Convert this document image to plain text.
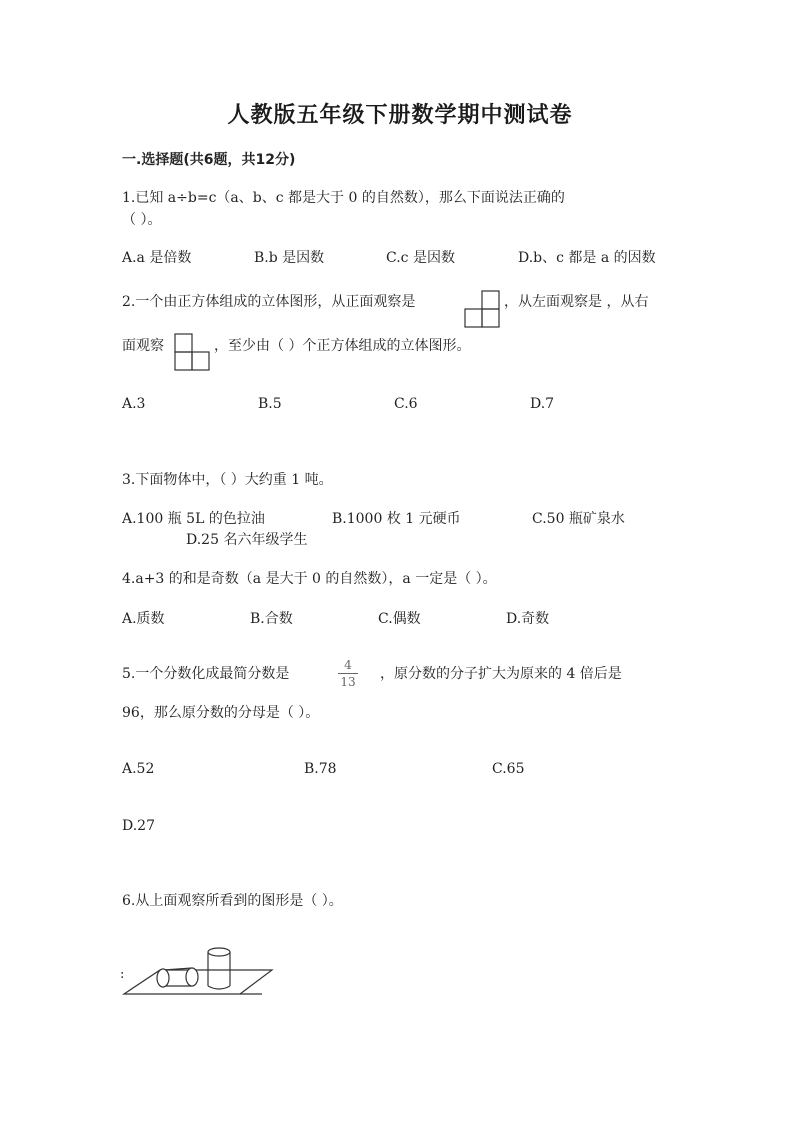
人教版五年级下册数学期中测试卷
一.选择题(共6题，共12分)
1.已知 a÷b=c（a、b、c 都是大于 0 的自然数），那么下面说法正确的
（ ）。
A.a 是倍数	B.b 是因数	C.c 是因数	D.b、c 都是 a 的因数
2.一个由正方体组成的立体图形，从正面观察是	，从左面观察是 ，从右
面观察	，至少由（ ）个正方体组成的立体图形。
A.3	B.5	C.6	D.7
3.下面物体中，（ ）大约重 1 吨。
A.100 瓶 5L 的色拉油	B.1000 枚 1 元硬币	C.50 瓶矿泉水
D.25 名六年级学生
4.a+3 的和是奇数（a 是大于 0 的自然数），a 一定是（ ）。
A.质数	B.合数	C.偶数	D.奇数
5.一个分数化成最简分数是
4
13 ，原分数的分子扩大为原来的 4 倍后是
96，那么原分数的分母是（ ）。
A.52	B.78	C.65
D.27
6.从上面观察所看到的图形是（ ）。
:
